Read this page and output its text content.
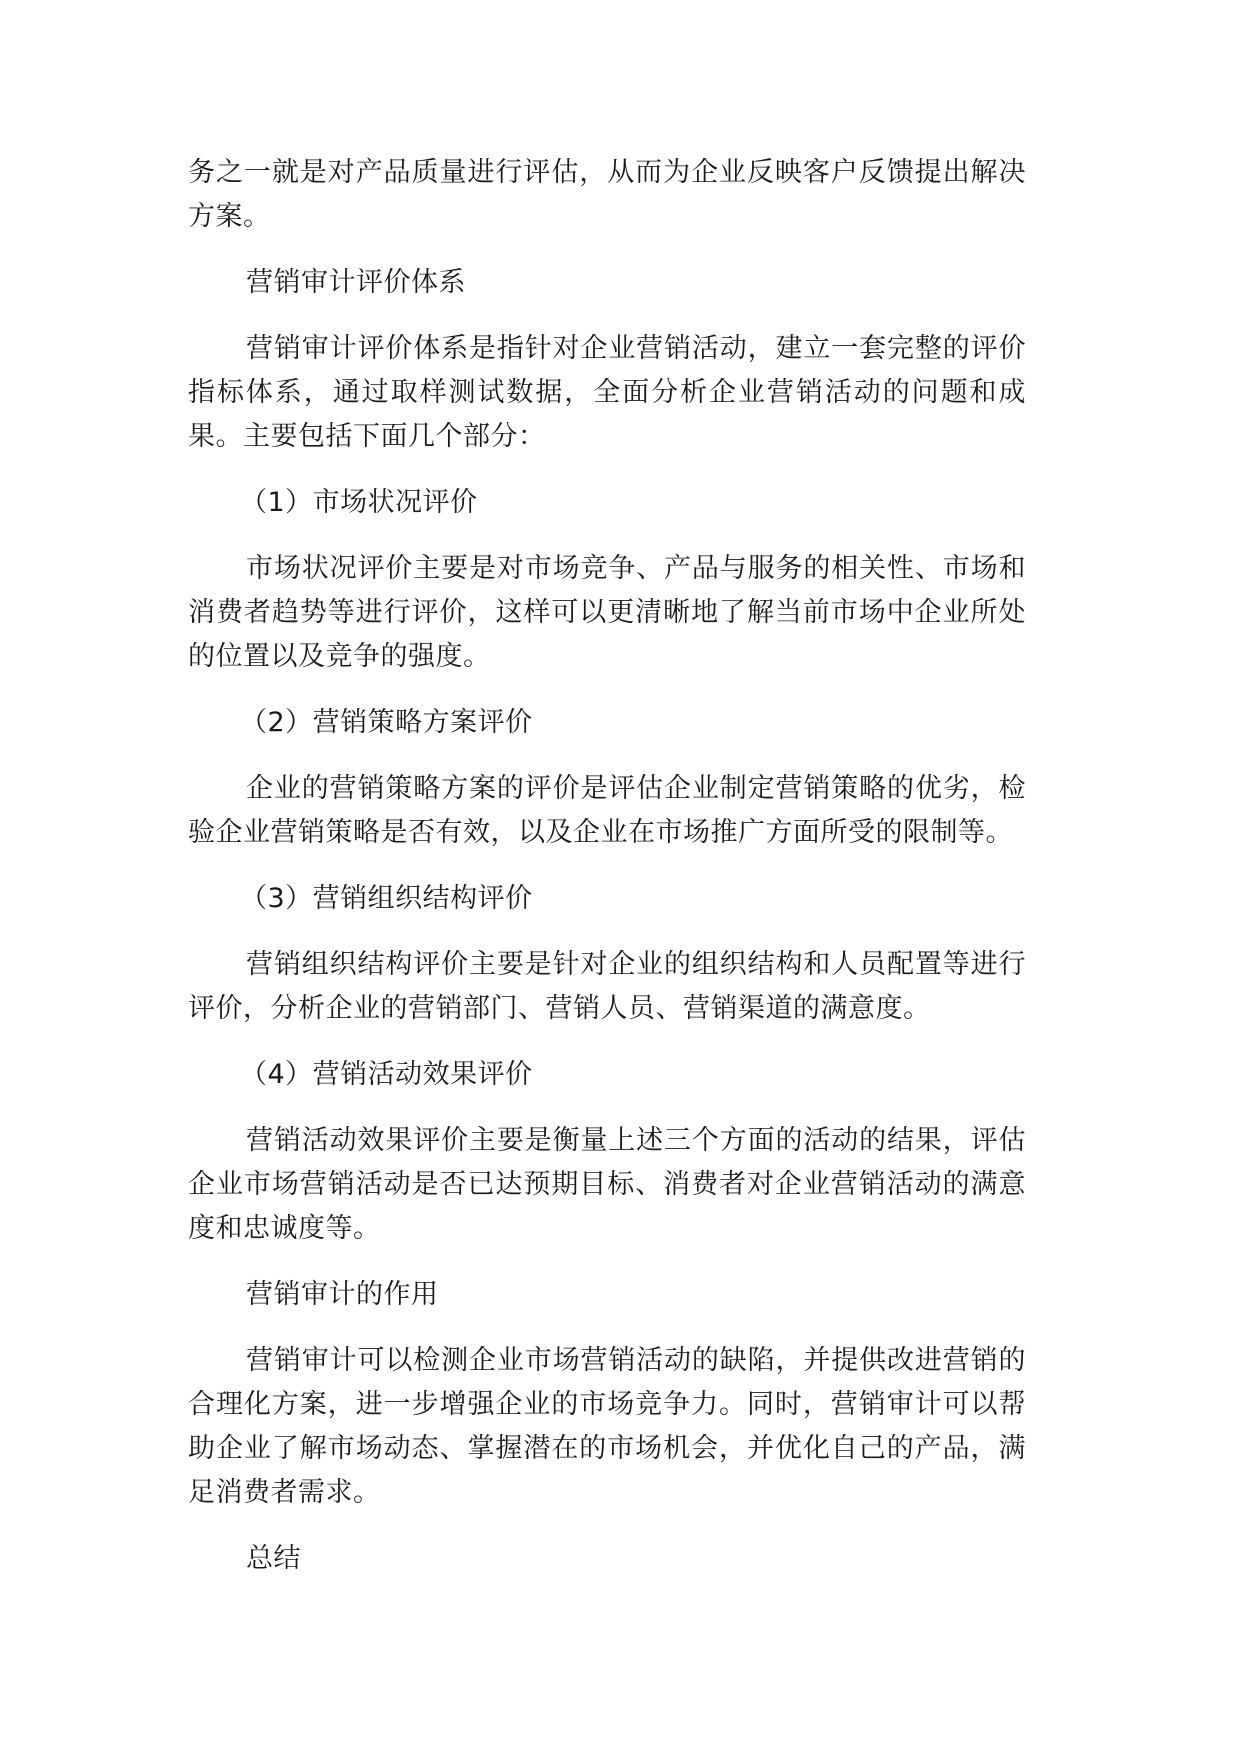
务之一就是对产品质量进行评估，从而为企业反映客户反馈提出解决方案。

营销审计评价体系

营销审计评价体系是指针对企业营销活动，建立一套完整的评价指标体系，通过取样测试数据，全面分析企业营销活动的问题和成果。主要包括下面几个部分：

（1）市场状况评价

市场状况评价主要是对市场竞争、产品与服务的相关性、市场和消费者趋势等进行评价，这样可以更清晰地了解当前市场中企业所处的位置以及竞争的强度。

（2）营销策略方案评价

企业的营销策略方案的评价是评估企业制定营销策略的优劣，检验企业营销策略是否有效，以及企业在市场推广方面所受的限制等。

（3）营销组织结构评价

营销组织结构评价主要是针对企业的组织结构和人员配置等进行评价，分析企业的营销部门、营销人员、营销渠道的满意度。

（4）营销活动效果评价

营销活动效果评价主要是衡量上述三个方面的活动的结果，评估企业市场营销活动是否已达预期目标、消费者对企业营销活动的满意度和忠诚度等。

营销审计的作用

营销审计可以检测企业市场营销活动的缺陷，并提供改进营销的合理化方案，进一步增强企业的市场竞争力。同时，营销审计可以帮助企业了解市场动态、掌握潜在的市场机会，并优化自己的产品，满足消费者需求。

总结
